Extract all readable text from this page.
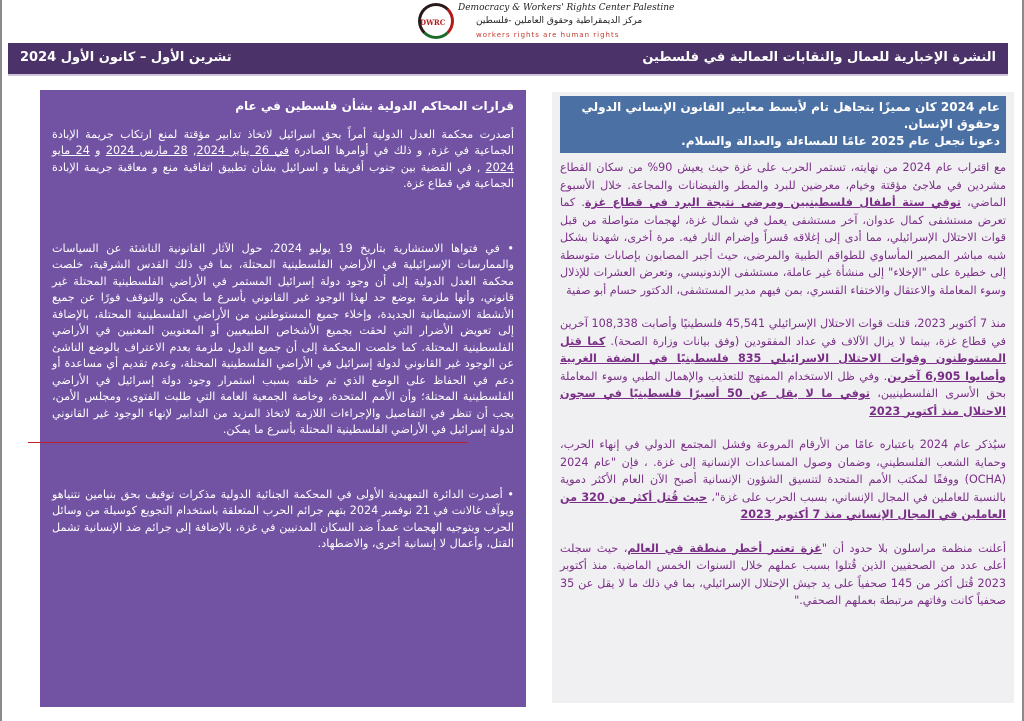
DWRC
Democracy & Workers' Rights Center Palestine
مركز الديمقراطية وحقوق العاملين -فلسطين
workers rights are human rights
النشرة الإخبارية للعمال والنقابات العمالية في فلسطين
تشرين الأول – كانون الأول 2024
قرارات المحاكم الدولية بشأن فلسطين في عام

أصدرت محكمة العدل الدولية أمراً بحق اسرائيل لاتخاذ تدابير مؤقتة لمنع ارتكاب جريمة الإبادة الجماعية في غزة, و ذلك في أوامرها الصادرة في 26 يناير 2024, 28 مارس 2024 و 24 مايو 2024 , في القضية بين جنوب أفريقيا و اسرائيل بشأن تطبيق اتفاقية منع و معاقبة جريمة الإبادة الجماعية في قطاع غزة.

• في فتواها الاستشارية بتاريخ 19 يوليو 2024، حول الآثار القانونية الناشئة عن السياسات والممارسات الإسرائيلية في الأراضي الفلسطينية المحتلة، بما في ذلك القدس الشرقية، خلصت محكمة العدل الدولية إلى أن وجود دولة إسرائيل المستمر في الأراضي الفلسطينية المحتلة غير قانوني، وأنها ملزمة بوضع حد لهذا الوجود غير القانوني بأسرع ما يمكن، والتوقف فورًا عن جميع الأنشطة الاستيطانية الجديدة، وإخلاء جميع المستوطنين من الأراضي الفلسطينية المحتلة، بالإضافة إلى تعويض الأضرار التي لحقت بجميع الأشخاص الطبيعيين أو المعنويين المعنيين في الأراضي الفلسطينية المحتلة. كما خلصت المحكمة إلى أن جميع الدول ملزمة بعدم الاعتراف بالوضع الناشئ عن الوجود غير القانوني لدولة إسرائيل في الأراضي الفلسطينية المحتلة، وعدم تقديم أي مساعدة أو دعم في الحفاظ على الوضع الذي تم خلقه بسبب استمرار وجود دولة إسرائيل في الأراضي الفلسطينية المحتلة؛ وأن الأمم المتحدة، وخاصة الجمعية العامة التي طلبت الفتوى، ومجلس الأمن، يجب أن تنظر في التفاصيل والإجراءات اللازمة لاتخاذ المزيد من التدابير لإنهاء الوجود غير القانوني لدولة إسرائيل في الأراضي الفلسطينية المحتلة بأسرع ما يمكن.

• أصدرت الدائرة التمهيدية الأولى في المحكمة الجنائية الدولية مذكرات توقيف بحق بنيامين نتنياهو ويوآف غالانت في 21 نوفمبر 2024 بتهم جرائم الحرب المتعلقة باستخدام التجويع كوسيلة من وسائل الحرب وبتوجيه الهجمات عمداً ضد السكان المدنيين في غزة، بالإضافة إلى جرائم ضد الإنسانية تشمل القتل، وأعمال لا إنسانية أخرى، والاضطهاد.

عام 2024 كان مميزًا بتجاهل تام لأبسط معايير القانون الإنساني الدولي وحقوق الإنسان.
دعونا نجعل عام 2025 عامًا للمساءلة والعدالة والسلام.

مع اقتراب عام 2024 من نهايته، تستمر الحرب على غزة حيث يعيش 90% من سكان القطاع مشردين في ملاجئ مؤقتة وخيام، معرضين للبرد والمطر والفيضانات والمجاعة. خلال الأسبوع الماضي، توفي ستة أطفال فلسطينيين ومرضى نتيجة البرد في قطاع غزة. كما تعرض مستشفى كمال عدوان، آخر مستشفى يعمل في شمال غزة، لهجمات متواصلة من قبل قوات الاحتلال الإسرائيلي، مما أدى إلى إغلاقه قسراً وإضرام النار فيه. مرة أخرى، شهدنا بشكل شبه مباشر المصير المأساوي للطواقم الطبية والمرضى، حيث أجبر المصابون بإصابات متوسطة إلى خطيرة على "الإخلاء" إلى منشأة غير عاملة، مستشفى الإندونيسي، وتعرض العشرات للإذلال وسوء المعاملة والاعتقال والاختفاء القسري، بمن فيهم مدير المستشفى، الدكتور حسام أبو صفية

منذ 7 أكتوبر 2023، قتلت قوات الاحتلال الإسرائيلي 45,541 فلسطينيًا وأصابت 108,338 آخرين في قطاع غزة، بينما لا يزال الآلاف في عداد المفقودين (وفق بيانات وزارة الصحة). كما قتل المستوطنون وقوات الاحتلال الاسرائيلي 835 فلسطينيًا في الضفة الغربية وأصابوا 6,905 آخرين. وفي ظل الاستخدام الممنهج للتعذيب والإهمال الطبي وسوء المعاملة بحق الأسرى الفلسطينيين، توفي ما لا يقل عن 50 أسيرًا فلسطينيًا في سجون الاحتلال منذ أكتوبر 2023

سيُذكر عام 2024 باعتباره عامًا من الأرقام المروعة وفشل المجتمع الدولي في إنهاء الحرب، وحماية الشعب الفلسطيني، وضمان وصول المساعدات الإنسانية إلى غزة. ، فإن "عام 2024 (OCHA) ووفقًا لمكتب الأمم المتحدة لتنسيق الشؤون الإنسانية أصبح الآن العام الأكثر دموية بالنسبة للعاملين في المجال الإنساني، بسبب الحرب على غزة"، حيث قُتل أكثر من 320 من العاملين في المجال الإنساني منذ 7 أكتوبر 2023

أعلنت منظمة مراسلون بلا حدود أن "غزة تعتبر أخطر منطقة في العالم، حيث سجلت أعلى عدد من الصحفيين الذين قُتلوا بسبب عملهم خلال السنوات الخمس الماضية. منذ أكتوبر 2023 قُتل أكثر من 145 صحفياً على يد جيش الإحتلال الإسرائيلي، بما في ذلك ما لا يقل عن 35 صحفياً كانت وفاتهم مرتبطة بعملهم الصحفي."
